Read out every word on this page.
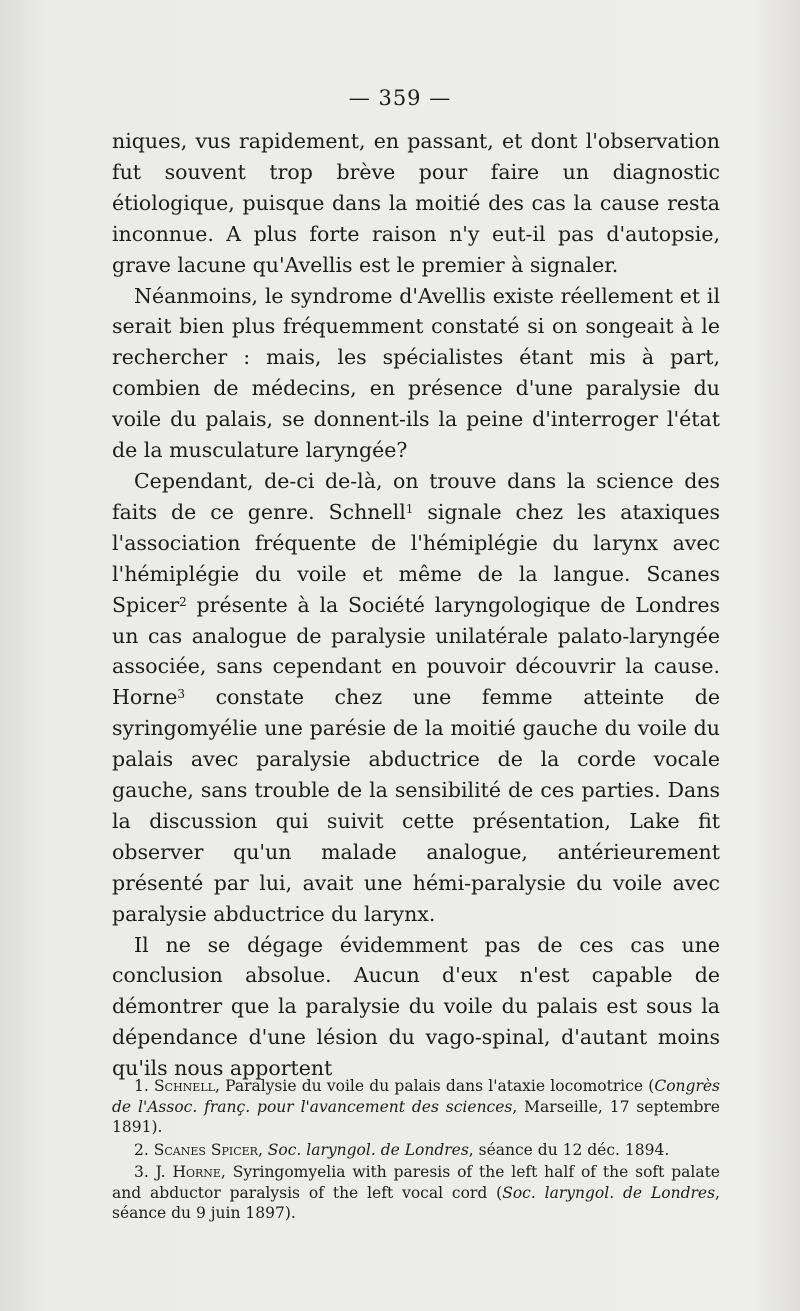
— 359 —

niques, vus rapidement, en passant, et dont l'observation fut souvent trop brève pour faire un diagnostic étiologique, puisque dans la moitié des cas la cause resta inconnue. A plus forte raison n'y eut-il pas d'autopsie, grave lacune qu'Avellis est le premier à signaler.

Néanmoins, le syndrome d'Avellis existe réellement et il serait bien plus fréquemment constaté si on songeait à le rechercher : mais, les spécialistes étant mis à part, combien de médecins, en présence d'une paralysie du voile du palais, se donnent-ils la peine d'interroger l'état de la musculature laryngée?

Cependant, de-ci de-là, on trouve dans la science des faits de ce genre. Schnell$^1$ signale chez les ataxiques l'association fréquente de l'hémiplégie du larynx avec l'hémiplégie du voile et même de la langue. Scanes Spicer$^2$ présente à la Société laryngologique de Londres un cas analogue de paralysie unilatérale palato-laryngée associée, sans cependant en pouvoir découvrir la cause. Horne$^3$ constate chez une femme atteinte de syringomyélie une parésie de la moitié gauche du voile du palais avec paralysie abductrice de la corde vocale gauche, sans trouble de la sensibilité de ces parties. Dans la discussion qui suivit cette présentation, Lake fit observer qu'un malade analogue, antérieurement présenté par lui, avait une hémi-paralysie du voile avec paralysie abductrice du larynx.

Il ne se dégage évidemment pas de ces cas une conclusion absolue. Aucun d'eux n'est capable de démontrer que la paralysie du voile du palais est sous la dépendance d'une lésion du vago-spinal, d'autant moins qu'ils nous apportent

1. Schnell, Paralysie du voile du palais dans l'ataxie locomotrice (Congrès de l'Assoc. franç. pour l'avancement des sciences, Marseille, 17 septembre 1891).

2. Scanes Spicer, Soc. laryngol. de Londres, séance du 12 déc. 1894.

3. J. Horne, Syringomyelia with paresis of the left half of the soft palate and abductor paralysis of the left vocal cord (Soc. laryngol. de Londres, séance du 9 juin 1897).
